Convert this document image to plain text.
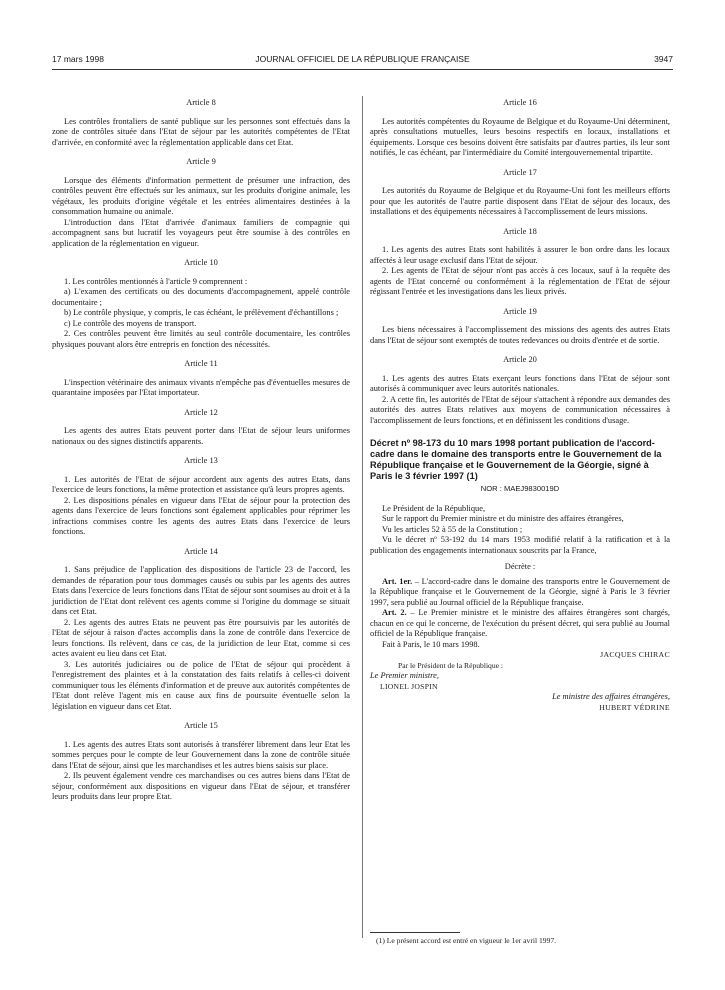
17 mars 1998	JOURNAL OFFICIEL DE LA RÉPUBLIQUE FRANÇAISE	3947
Article 8

Les contrôles frontaliers de santé publique sur les personnes sont effectués dans la zone de contrôles située dans l'Etat de séjour par les autorités compétentes de l'Etat d'arrivée, en conformité avec la réglementation applicable dans cet Etat.

Article 9

Lorsque des éléments d'information permettent de présumer une infraction, des contrôles peuvent être effectués sur les animaux, sur les produits d'origine animale, les végétaux, les produits d'origine végétale et les entrées alimentaires destinées à la consommation humaine ou animale.

L'introduction dans l'Etat d'arrivée d'animaux familiers de compagnie qui accompagnent sans but lucratif les voyageurs peut être soumise à des contrôles en application de la réglementation en vigueur.

Article 10

1. Les contrôles mentionnés à l'article 9 comprennent :

a) L'examen des certificats ou des documents d'accompagnement, appelé contrôle documentaire ;

b) Le contrôle physique, y compris, le cas échéant, le prélèvement d'échantillons ;

c) Le contrôle des moyens de transport.

2. Ces contrôles peuvent être limités au seul contrôle documentaire, les contrôles physiques pouvant alors être entrepris en fonction des nécessités.

Article 11

L'inspection vétérinaire des animaux vivants n'empêche pas d'éventuelles mesures de quarantaine imposées par l'Etat importateur.

Article 12

Les agents des autres Etats peuvent porter dans l'Etat de séjour leurs uniformes nationaux ou des signes distinctifs apparents.

Article 13

1. Les autorités de l'Etat de séjour accordent aux agents des autres Etats, dans l'exercice de leurs fonctions, la même protection et assistance qu'à leurs propres agents.

2. Les dispositions pénales en vigueur dans l'Etat de séjour pour la protection des agents dans l'exercice de leurs fonctions sont également applicables pour réprimer les infractions commises contre les agents des autres Etats dans l'exercice de leurs fonctions.

Article 14

1. Sans préjudice de l'application des dispositions de l'article 23 de l'accord, les demandes de réparation pour tous dommages causés ou subis par les agents des autres Etats dans l'exercice de leurs fonctions dans l'Etat de séjour sont soumises au droit et à la juridiction de l'Etat dont relèvent ces agents comme si l'origine du dommage se situait dans cet Etat.

2. Les agents des autres Etats ne peuvent pas être poursuivis par les autorités de l'Etat de séjour à raison d'actes accomplis dans la zone de contrôle dans l'exercice de leurs fonctions. Ils relèvent, dans ce cas, de la juridiction de leur Etat, comme si ces actes avaient eu lieu dans cet Etat.

3. Les autorités judiciaires ou de police de l'Etat de séjour qui procèdent à l'enregistrement des plaintes et à la constatation des faits relatifs à celles-ci doivent communiquer tous les éléments d'information et de preuve aux autorités compétentes de l'Etat dont relève l'agent mis en cause aux fins de poursuite éventuelle selon la législation en vigueur dans cet Etat.

Article 15

1. Les agents des autres Etats sont autorisés à transférer librement dans leur Etat les sommes perçues pour le compte de leur Gouvernement dans la zone de contrôle située dans l'Etat de séjour, ainsi que les marchandises et les autres biens saisis sur place.

2. Ils peuvent également vendre ces marchandises ou ces autres biens dans l'Etat de séjour, conformément aux dispositions en vigueur dans l'Etat de séjour, et transférer leurs produits dans leur propre Etat.

Article 16

Les autorités compétentes du Royaume de Belgique et du Royaume-Uni déterminent, après consultations mutuelles, leurs besoins respectifs en locaux, installations et équipements. Lorsque ces besoins doivent être satisfaits par d'autres parties, ils leur sont notifiés, le cas échéant, par l'intermédiaire du Comité intergouvernemental tripartite.

Article 17

Les autorités du Royaume de Belgique et du Royaume-Uni font les meilleurs efforts pour que les autorités de l'autre partie disposent dans l'Etat de séjour des locaux, des installations et des équipements nécessaires à l'accomplissement de leurs missions.

Article 18

1. Les agents des autres Etats sont habilités à assurer le bon ordre dans les locaux affectés à leur usage exclusif dans l'Etat de séjour.

2. Les agents de l'Etat de séjour n'ont pas accès à ces locaux, sauf à la requête des agents de l'Etat concerné ou conformément à la réglementation de l'Etat de séjour régissant l'entrée et les investigations dans les lieux privés.

Article 19

Les biens nécessaires à l'accomplissement des missions des agents des autres Etats dans l'Etat de séjour sont exemptés de toutes redevances ou droits d'entrée et de sortie.

Article 20

1. Les agents des autres Etats exerçant leurs fonctions dans l'Etat de séjour sont autorisés à communiquer avec leurs autorités nationales.

2. A cette fin, les autorités de l'Etat de séjour s'attachent à répondre aux demandes des autorités des autres Etats relatives aux moyens de communication nécessaires à l'accomplissement de leurs fonctions, et en définissent les conditions d'usage.

Décret nº 98-173 du 10 mars 1998 portant publication de l'accord-cadre dans le domaine des transports entre le Gouvernement de la République française et le Gouvernement de la Géorgie, signé à Paris le 3 février 1997 (1)
NOR : MAEJ9830019D

Le Président de la République,

Sur le rapport du Premier ministre et du ministre des affaires étrangères,

Vu les articles 52 à 55 de la Constitution ;

Vu le décret nº 53-192 du 14 mars 1953 modifié relatif à la ratification et à la publication des engagements internationaux souscrits par la France,

Décrète :

Art. 1er. – L'accord-cadre dans le domaine des transports entre le Gouvernement de la République française et le Gouvernement de la Géorgie, signé à Paris le 3 février 1997, sera publié au Journal officiel de la République française.

Art. 2. – Le Premier ministre et le ministre des affaires étrangères sont chargés, chacun en ce qui le concerne, de l'exécution du présent décret, qui sera publié au Journal officiel de la République française.

Fait à Paris, le 10 mars 1998.

JACQUES CHIRAC
Par le Président de la République :
Le Premier ministre,
LIONEL JOSPIN
Le ministre des affaires étrangères,
HUBERT VÉDRINE
(1) Le présent accord est entré en vigueur le 1er avril 1997.
